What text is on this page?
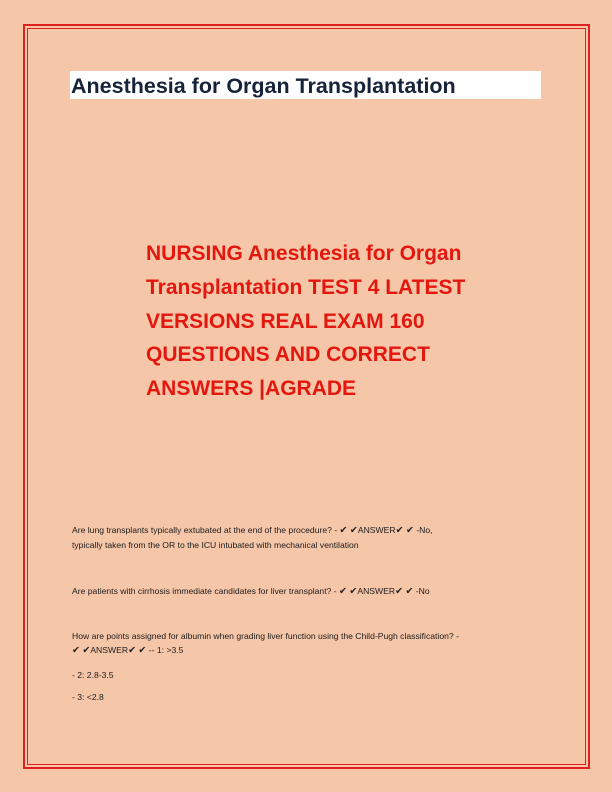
Anesthesia for Organ Transplantation
NURSING Anesthesia for Organ
Transplantation TEST 4 LATEST
VERSIONS REAL EXAM 160
QUESTIONS AND CORRECT
ANSWERS |AGRADE
Are lung transplants typically extubated at the end of the procedure? - ✔ ✔ANSWER✔ ✔ -No,
typically taken from the OR to the ICU intubated with mechanical ventilation
Are patients with cirrhosis immediate candidates for liver transplant? - ✔ ✔ANSWER✔ ✔ -No
How are points assigned for albumin when grading liver function using the Child-Pugh classification? -
✔ ✔ANSWER✔ ✔ -- 1: >3.5
- 2: 2.8-3.5
- 3: <2.8
